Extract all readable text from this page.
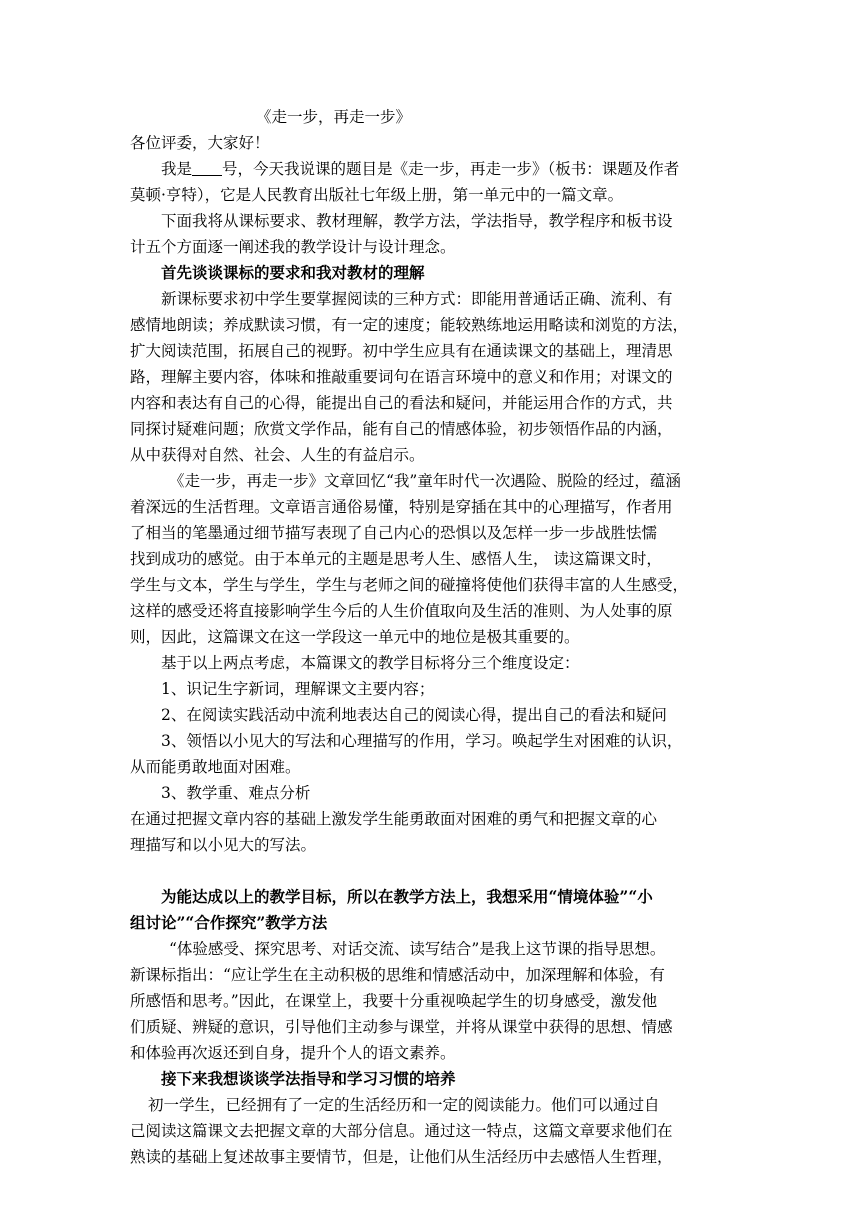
《走一步，再走一步》
各位评委，大家好！
我是 号，今天我说课的题目是《走一步，再走一步》（板书：课题及作者
莫顿·亨特），它是人民教育出版社七年级上册，第一单元中的一篇文章。
下面我将从课标要求、教材理解，教学方法，学法指导，教学程序和板书设
计五个方面逐一阐述我的教学设计与设计理念。
首先谈谈课标的要求和我对教材的理解
新课标要求初中学生要掌握阅读的三种方式：即能用普通话正确、流利、有
感情地朗读；养成默读习惯，有一定的速度；能较熟练地运用略读和浏览的方法，
扩大阅读范围，拓展自己的视野。初中学生应具有在通读课文的基础上，理清思
路，理解主要内容，体味和推敲重要词句在语言环境中的意义和作用；对课文的
内容和表达有自己的心得，能提出自己的看法和疑问，并能运用合作的方式，共
同探讨疑难问题；欣赏文学作品，能有自己的情感体验，初步领悟作品的内涵，
从中获得对自然、社会、人生的有益启示。
《走一步，再走一步》文章回忆“我”童年时代一次遇险、脱险的经过，蕴涵
着深远的生活哲理。文章语言通俗易懂，特别是穿插在其中的心理描写，作者用
了相当的笔墨通过细节描写表现了自己内心的恐惧以及怎样一步一步战胜怯懦
找到成功的感觉。由于本单元的主题是思考人生、感悟人生， 读这篇课文时，
学生与文本，学生与学生，学生与老师之间的碰撞将使他们获得丰富的人生感受，
这样的感受还将直接影响学生今后的人生价值取向及生活的准则、为人处事的原
则，因此，这篇课文在这一学段这一单元中的地位是极其重要的。
基于以上两点考虑，本篇课文的教学目标将分三个维度设定：
1、识记生字新词，理解课文主要内容；
2、在阅读实践活动中流利地表达自己的阅读心得，提出自己的看法和疑问
3、领悟以小见大的写法和心理描写的作用，学习。唤起学生对困难的认识，
从而能勇敢地面对困难。
3、教学重、难点分析
在通过把握文章内容的基础上激发学生能勇敢面对困难的勇气和把握文章的心
理描写和以小见大的写法。
为能达成以上的教学目标，所以在教学方法上，我想采用“情境体验”“小
组讨论”“合作探究”教学方法
“体验感受、探究思考、对话交流、读写结合”是我上这节课的指导思想。
新课标指出：“应让学生在主动积极的思维和情感活动中，加深理解和体验，有
所感悟和思考。”因此，在课堂上，我要十分重视唤起学生的切身感受，激发他
们质疑、辨疑的意识，引导他们主动参与课堂，并将从课堂中获得的思想、情感
和体验再次返还到自身，提升个人的语文素养。
接下来我想谈谈学法指导和学习习惯的培养
初一学生，已经拥有了一定的生活经历和一定的阅读能力。他们可以通过自
己阅读这篇课文去把握文章的大部分信息。通过这一特点，这篇文章要求他们在
熟读的基础上复述故事主要情节，但是，让他们从生活经历中去感悟人生哲理，
